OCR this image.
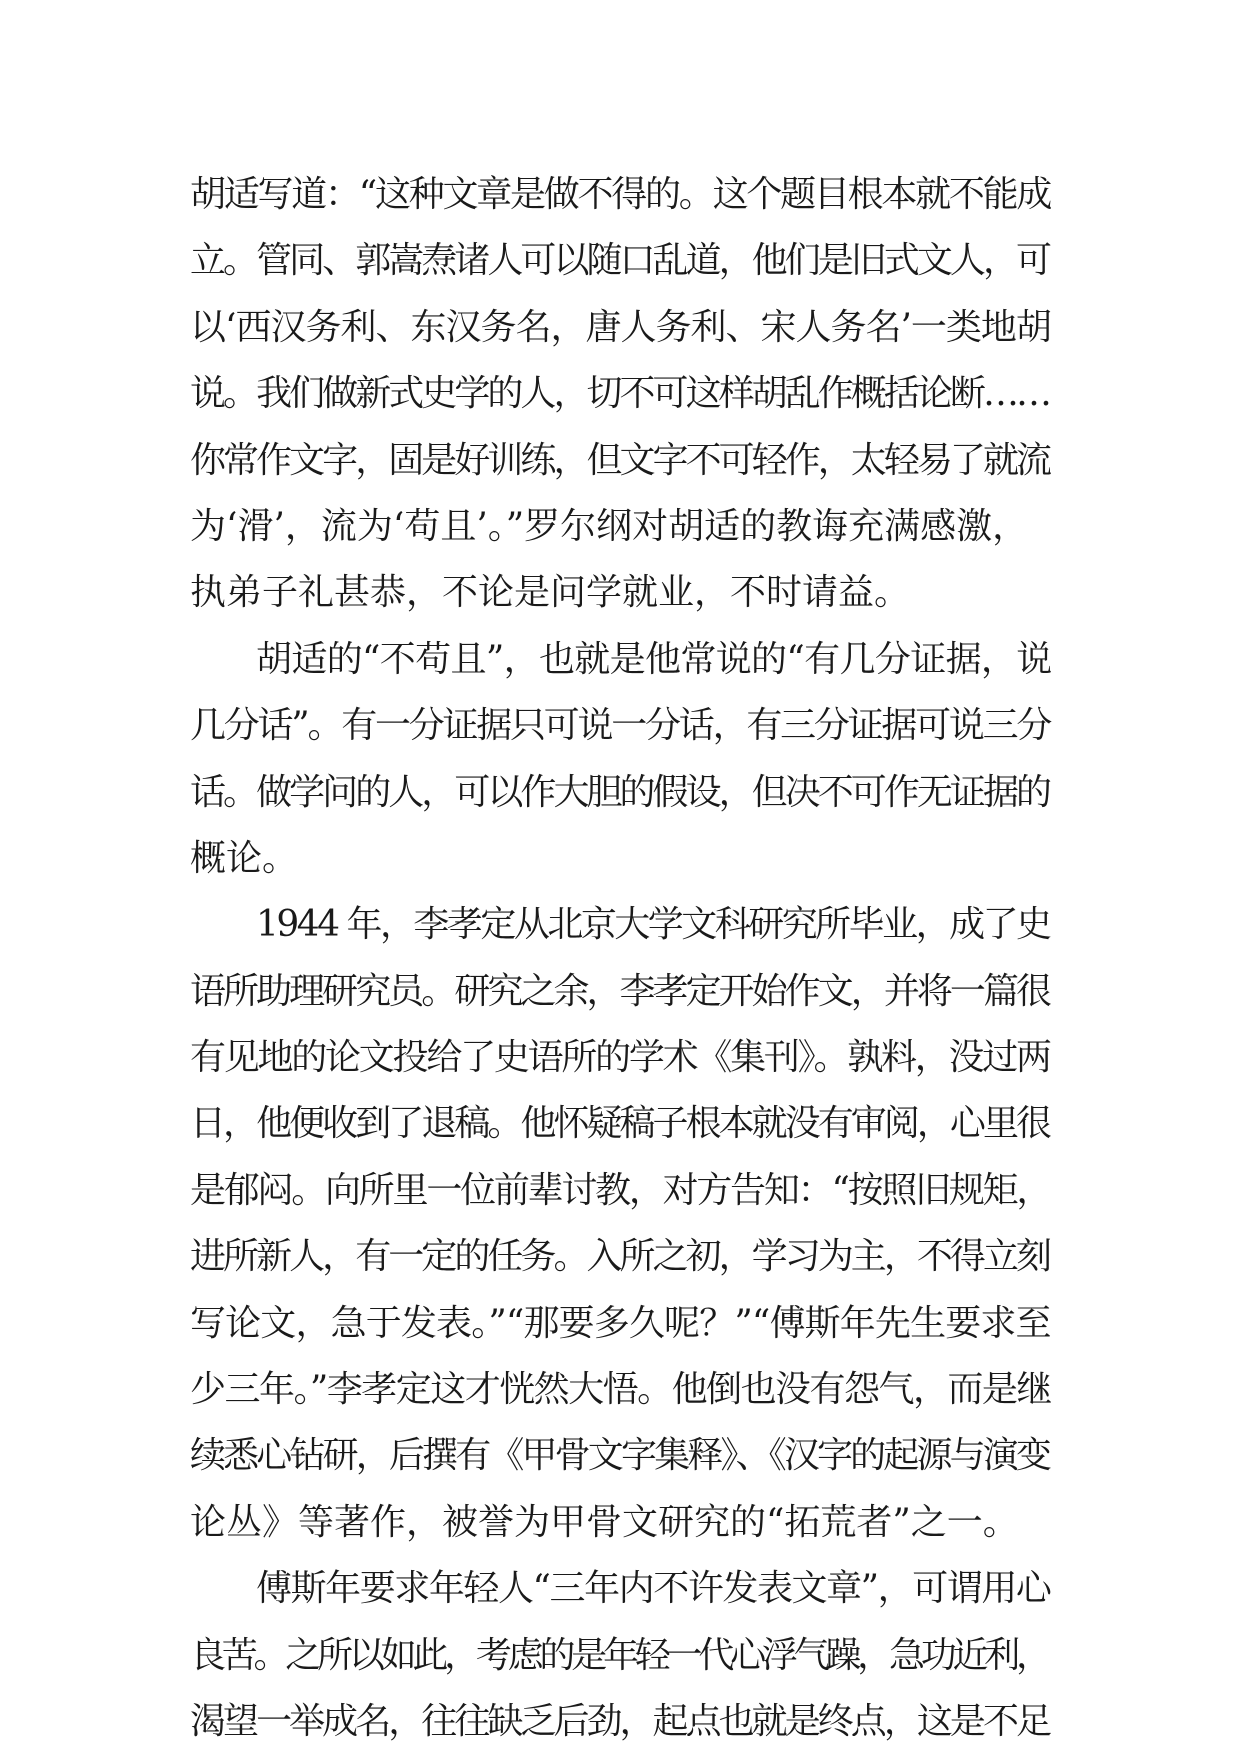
胡适写道：“这种文章是做不得的。这个题目根本就不能成
立。管同、郭嵩焘诸人可以随口乱道，他们是旧式文人，可
以‘西汉务利、东汉务名，唐人务利、宋人务名’一类地胡
说。我们做新式史学的人，切不可这样胡乱作概括论断……
你常作文字，固是好训练，但文字不可轻作，太轻易了就流
为‘滑’，流为‘苟且’。”罗尔纲对胡适的教诲充满感激，
执弟子礼甚恭，不论是问学就业，不时请益。
胡适的“不苟且”，也就是他常说的“有几分证据，说
几分话”。有一分证据只可说一分话，有三分证据可说三分
话。做学问的人，可以作大胆的假设，但决不可作无证据的
概论。
1944 年，李孝定从北京大学文科研究所毕业，成了史
语所助理研究员。研究之余，李孝定开始作文，并将一篇很
有见地的论文投给了史语所的学术《集刊》。孰料，没过两
日，他便收到了退稿。他怀疑稿子根本就没有审阅，心里很
是郁闷。向所里一位前辈讨教，对方告知：“按照旧规矩，
进所新人，有一定的任务。入所之初，学习为主，不得立刻
写论文，急于发表。”“那要多久呢？”“傅斯年先生要求至
少三年。”李孝定这才恍然大悟。他倒也没有怨气，而是继
续悉心钻研，后撰有《甲骨文字集释》、《汉字的起源与演变
论丛》等著作，被誉为甲骨文研究的“拓荒者”之一。
傅斯年要求年轻人“三年内不许发表文章”，可谓用心
良苦。之所以如此，考虑的是年轻一代心浮气躁，急功近利，
渴望一举成名，往往缺乏后劲，起点也就是终点，这是不足
